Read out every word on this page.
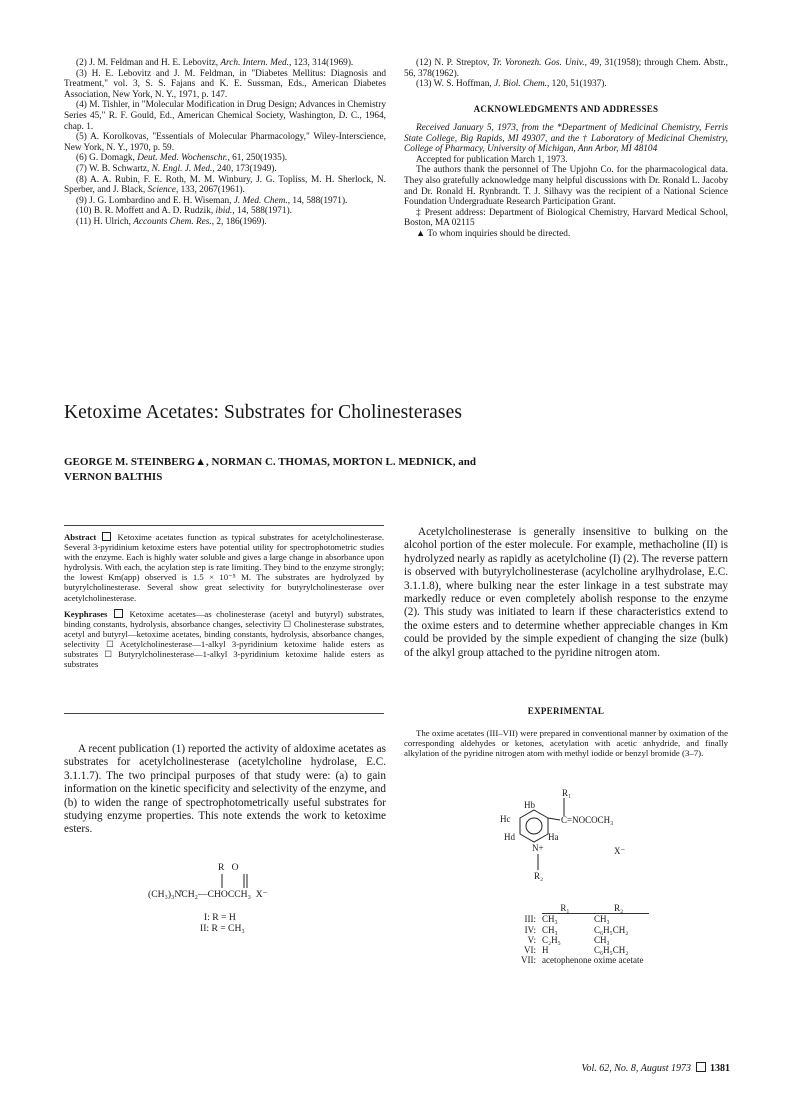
(2) J. M. Feldman and H. E. Lebovitz, Arch. Intern. Med., 123, 314(1969).

(3) H. E. Lebovitz and J. M. Feldman, in "Diabetes Mellitus: Diagnosis and Treatment," vol. 3, S. S. Fajans and K. E. Sussman, Eds., American Diabetes Association, New York, N. Y., 1971, p. 147.

(4) M. Tishler, in "Molecular Modification in Drug Design; Advances in Chemistry Series 45," R. F. Gould, Ed., American Chemical Society, Washington, D. C., 1964, chap. 1.

(5) A. Korolkovas, "Essentials of Molecular Pharmacology," Wiley-Interscience, New York, N. Y., 1970, p. 59.

(6) G. Domagk, Deut. Med. Wochenschr., 61, 250(1935).

(7) W. B. Schwartz, N. Engl. J. Med., 240, 173(1949).

(8) A. A. Rubin, F. E. Roth, M. M. Winbury, J. G. Topliss, M. H. Sherlock, N. Sperber, and J. Black, Science, 133, 2067(1961).

(9) J. G. Lombardino and E. H. Wiseman, J. Med. Chem., 14, 588(1971).

(10) B. R. Moffett and A. D. Rudzik, ibid., 14, 588(1971).

(11) H. Ulrich, Accounts Chem. Res., 2, 186(1969).

(12) N. P. Streptov, Tr. Voronezh. Gos. Univ., 49, 31(1958); through Chem. Abstr., 56, 378(1962).

(13) W. S. Hoffman, J. Biol. Chem., 120, 51(1937).

ACKNOWLEDGMENTS AND ADDRESSES

Received January 5, 1973, from the *Department of Medicinal Chemistry, Ferris State College, Big Rapids, MI 49307, and the † Laboratory of Medicinal Chemistry, College of Pharmacy, University of Michigan, Ann Arbor, MI 48104

Accepted for publication March 1, 1973.

The authors thank the personnel of The Upjohn Co. for the pharmacological data. They also gratefully acknowledge many helpful discussions with Dr. Ronald L. Jacoby and Dr. Ronald H. Rynbrandt. T. J. Silhavy was the recipient of a National Science Foundation Undergraduate Research Participation Grant.

‡ Present address: Department of Biological Chemistry, Harvard Medical School, Boston, MA 02115

▲ To whom inquiries should be directed.

Ketoxime Acetates: Substrates for Cholinesterases
GEORGE M. STEINBERG▲, NORMAN C. THOMAS, MORTON L. MEDNICK, and
VERNON BALTHIS

Abstract Ketoxime acetates function as typical substrates for acetylcholinesterase. Several 3-pyridinium ketoxime esters have potential utility for spectrophotometric studies with the enzyme. Each is highly water soluble and gives a large change in absorbance upon hydrolysis. With each, the acylation step is rate limiting. They bind to the enzyme strongly; the lowest Km(app) observed is 1.5 × 10⁻⁵ M. The substrates are hydrolyzed by butyrylcholinesterase. Several show great selectivity for butyrylcholinesterase over acetylcholinesterase.

Keyphrases	Ketoxime acetates—as cholinesterase (acetyl and butyryl) substrates, binding constants, hydrolysis, absorbance changes, selectivity ☐ Cholinesterase substrates, acetyl and butyryl—ketoxime acetates, binding constants, hydrolysis, absorbance changes, selectivity ☐ Acetylcholinesterase—1-alkyl 3-pyridinium ketoxime halide esters as substrates ☐ Butyrylcholinesterase—1-alkyl 3-pyridinium ketoxime halide esters as substrates

A recent publication (1) reported the activity of aldoxime acetates as substrates for acetylcholinesterase (acetylcholine hydrolase, E.C. 3.1.1.7). The two principal purposes of that study were: (a) to gain information on the kinetic specificity and selectivity of the enzyme, and (b) to widen the range of spectrophotometrically useful substrates for studying enzyme properties. This note extends the work to ketoxime esters.

R   O
(CH₃)₃N̊CH₂—CHOCCH₃  X⁻
I: R = H
II: R = CH₃

Acetylcholinesterase is generally insensitive to bulking on the alcohol portion of the ester molecule. For example, methacholine (II) is hydrolyzed nearly as rapidly as acetylcholine (I) (2). The reverse pattern is observed with butyrylcholinesterase (acylcholine arylhydrolase, E.C. 3.1.1.8), where bulking near the ester linkage in a test substrate may markedly reduce or even completely abolish response to the enzyme (2). This study was initiated to learn if these characteristics extend to the oxime esters and to determine whether appreciable changes in Km could be provided by the simple expedient of changing the size (bulk) of the alkyl group attached to the pyridine nitrogen atom.

EXPERIMENTAL

The oxime acetates (III–VII) were prepared in conventional manner by oximation of the corresponding aldehydes or ketones, acetylation with acetic anhydride, and finally alkylation of the pyridine nitrogen atom with methyl iodide or benzyl bromide (3–7).

R₁
Hb
Hc	C=NOCOCH₃
Hd	Ha
N+	X⁻
R₂
	R₁	R₂
III:	CH₃	CH₃
IV:	CH₃	C₆H₅CH₂
V:	C₂H₅	CH₃
VI:	H	C₆H₅CH₂
VII:	acetophenone oxime acetate	
Vol. 62, No. 8, August 1973 1381
